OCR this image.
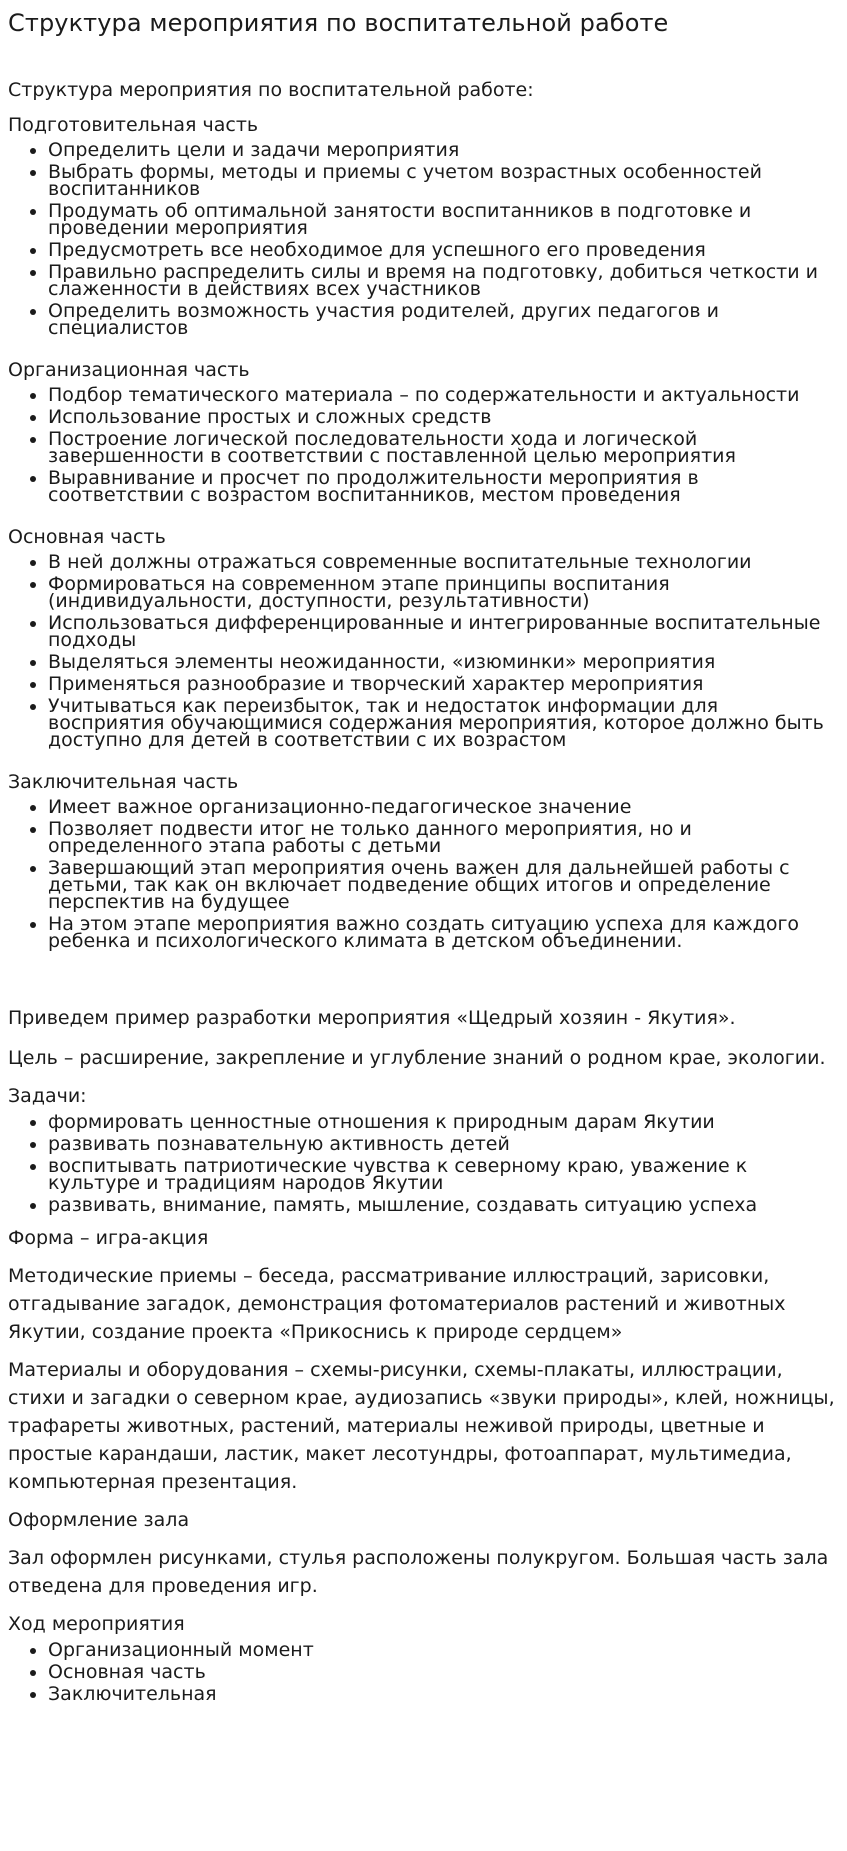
Структура мероприятия по воспитательной работе

Структура мероприятия по воспитательной работе:

Подготовительная часть

• Определить цели и задачи мероприятия
• Выбрать формы, методы и приемы с учетом возрастных особенностей воспитанников
• Продумать об оптимальной занятости воспитанников в подготовке и проведении мероприятия
• Предусмотреть все необходимое для успешного его проведения
• Правильно распределить силы и время на подготовку, добиться четкости и слаженности в действиях всех участников
• Определить возможность участия родителей, других педагогов и специалистов

Организационная часть

• Подбор тематического материала – по содержательности и актуальности
• Использование простых и сложных средств
• Построение логической последовательности хода и логической завершенности в соответствии с поставленной целью мероприятия
• Выравнивание и просчет по продолжительности мероприятия в соответствии с возрастом воспитанников, местом проведения

Основная часть

• В ней должны отражаться современные воспитательные технологии
• Формироваться на современном этапе принципы воспитания (индивидуальности, доступности, результативности)
• Использоваться дифференцированные и интегрированные воспитательные подходы
• Выделяться элементы неожиданности, «изюминки» мероприятия
• Применяться разнообразие и творческий характер мероприятия
• Учитываться как переизбыток, так и недостаток информации для восприятия обучающимися содержания мероприятия, которое должно быть доступно для детей в соответствии с их возрастом

Заключительная часть

• Имеет важное организационно-педагогическое значение
• Позволяет подвести итог не только данного мероприятия, но и определенного этапа работы с детьми
• Завершающий этап мероприятия очень важен для дальнейшей работы с детьми, так как он включает подведение общих итогов и определение перспектив на будущее
• На этом этапе мероприятия важно создать ситуацию успеха для каждого ребенка и психологического климата в детском объединении.

Приведем пример разработки мероприятия «Щедрый хозяин - Якутия».

Цель – расширение, закрепление и углубление знаний о родном крае, экологии.

Задачи:

• формировать ценностные отношения к природным дарам Якутии
• развивать познавательную активность детей
• воспитывать патриотические чувства к северному краю, уважение к культуре и традициям народов Якутии
• развивать, внимание, память, мышление, создавать ситуацию успеха

Форма – игра-акция

Методические приемы – беседа, рассматривание иллюстраций, зарисовки, отгадывание загадок, демонстрация фотоматериалов растений и животных Якутии, создание проекта «Прикоснись к природе сердцем»

Материалы и оборудования – схемы-рисунки, схемы-плакаты, иллюстрации, стихи и загадки о северном крае, аудиозапись «звуки природы», клей, ножницы, трафареты животных, растений, материалы неживой природы, цветные и простые карандаши, ластик, макет лесотундры, фотоаппарат, мультимедиа, компьютерная презентация.

Оформление зала

Зал оформлен рисунками, стулья расположены полукругом. Большая часть зала отведена для проведения игр.

Ход мероприятия

• Организационный момент
• Основная часть
• Заключительная
